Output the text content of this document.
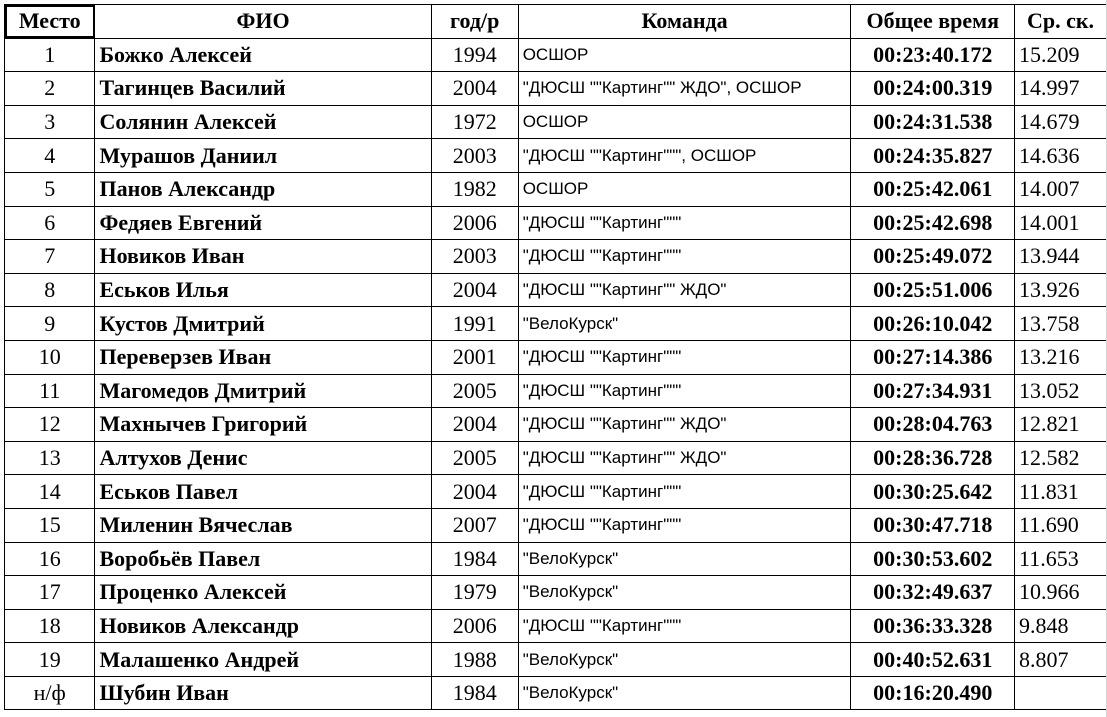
Место	ФИО	год/р	Команда	Общее время	Ср. ск.
1	Божко Алексей	1994	ОСШОР	00:23:40.172	15.209
2	Тагинцев Василий	2004	"ДЮСШ ""Картинг"" ЖДО", ОСШОР	00:24:00.319	14.997
3	Солянин Алексей	1972	ОСШОР	00:24:31.538	14.679
4	Мурашов Даниил	2003	"ДЮСШ ""Картинг""", ОСШОР	00:24:35.827	14.636
5	Панов Александр	1982	ОСШОР	00:25:42.061	14.007
6	Федяев Евгений	2006	"ДЮСШ ""Картинг"""	00:25:42.698	14.001
7	Новиков Иван	2003	"ДЮСШ ""Картинг"""	00:25:49.072	13.944
8	Еськов Илья	2004	"ДЮСШ ""Картинг"" ЖДО"	00:25:51.006	13.926
9	Кустов Дмитрий	1991	"ВелоКурск"	00:26:10.042	13.758
10	Переверзев Иван	2001	"ДЮСШ ""Картинг"""	00:27:14.386	13.216
11	Магомедов Дмитрий	2005	"ДЮСШ ""Картинг"""	00:27:34.931	13.052
12	Махнычев Григорий	2004	"ДЮСШ ""Картинг"" ЖДО"	00:28:04.763	12.821
13	Алтухов Денис	2005	"ДЮСШ ""Картинг"" ЖДО"	00:28:36.728	12.582
14	Еськов Павел	2004	"ДЮСШ ""Картинг"""	00:30:25.642	11.831
15	Миленин Вячеслав	2007	"ДЮСШ ""Картинг"""	00:30:47.718	11.690
16	Воробьёв Павел	1984	"ВелоКурск"	00:30:53.602	11.653
17	Проценко Алексей	1979	"ВелоКурск"	00:32:49.637	10.966
18	Новиков Александр	2006	"ДЮСШ ""Картинг"""	00:36:33.328	9.848
19	Малашенко Андрей	1988	"ВелоКурск"	00:40:52.631	8.807
н/ф	Шубин Иван	1984	"ВелоКурск"	00:16:20.490	
